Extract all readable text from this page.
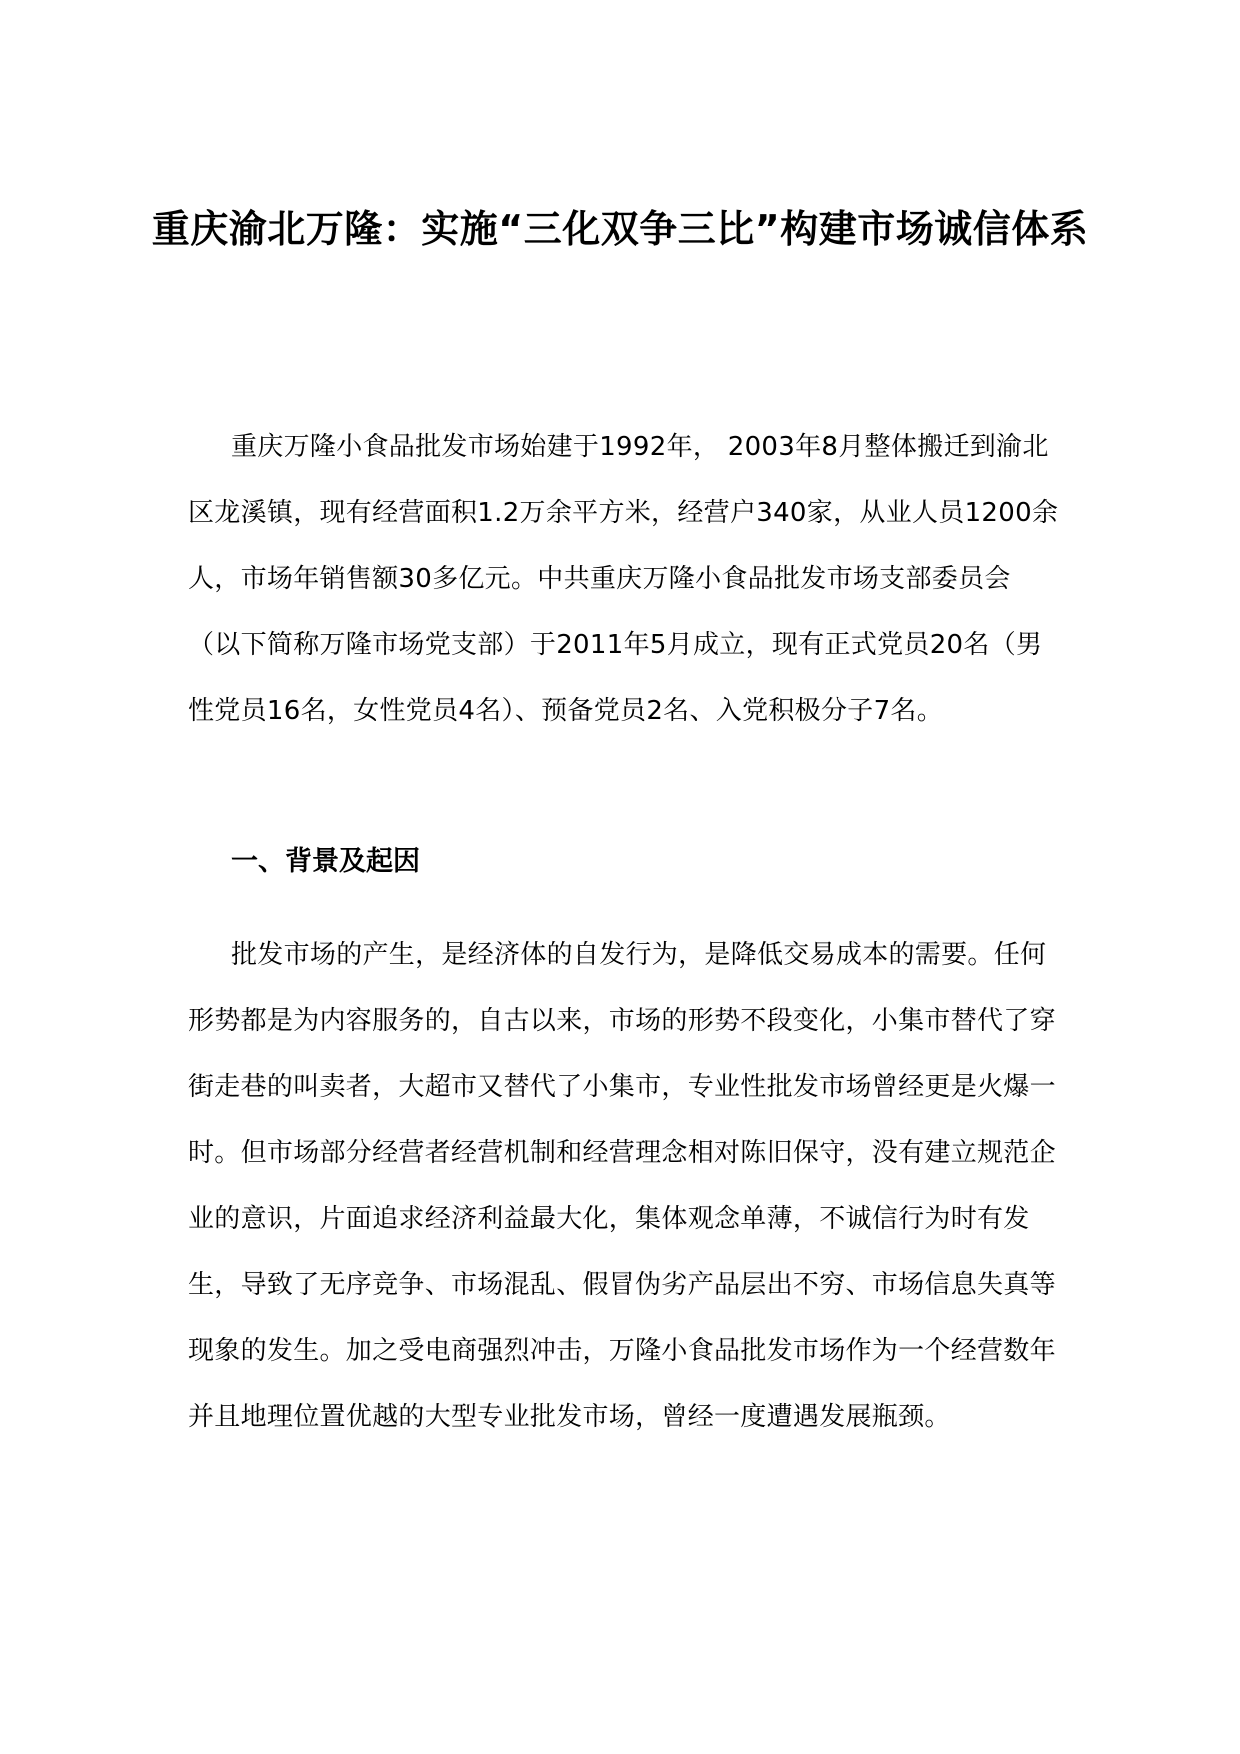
重庆渝北万隆：实施“三化双争三比”构建市场诚信体系
重庆万隆小食品批发市场始建于1992年， 2003年8月整体搬迁到渝北区龙溪镇，现有经营面积1.2万余平方米，经营户340家，从业人员1200余人，市场年销售额30多亿元。中共重庆万隆小食品批发市场支部委员会（以下简称万隆市场党支部）于2011年5月成立，现有正式党员20名（男性党员16名，女性党员4名）、预备党员2名、入党积极分子7名。
一、背景及起因
批发市场的产生，是经济体的自发行为，是降低交易成本的需要。任何形势都是为内容服务的，自古以来，市场的形势不段变化，小集市替代了穿街走巷的叫卖者，大超市又替代了小集市，专业性批发市场曾经更是火爆一时。但市场部分经营者经营机制和经营理念相对陈旧保守，没有建立规范企业的意识，片面追求经济利益最大化，集体观念单薄，不诚信行为时有发生，导致了无序竞争、市场混乱、假冒伪劣产品层出不穷、市场信息失真等现象的发生。加之受电商强烈冲击，万隆小食品批发市场作为一个经营数年并且地理位置优越的大型专业批发市场，曾经一度遭遇发展瓶颈。
